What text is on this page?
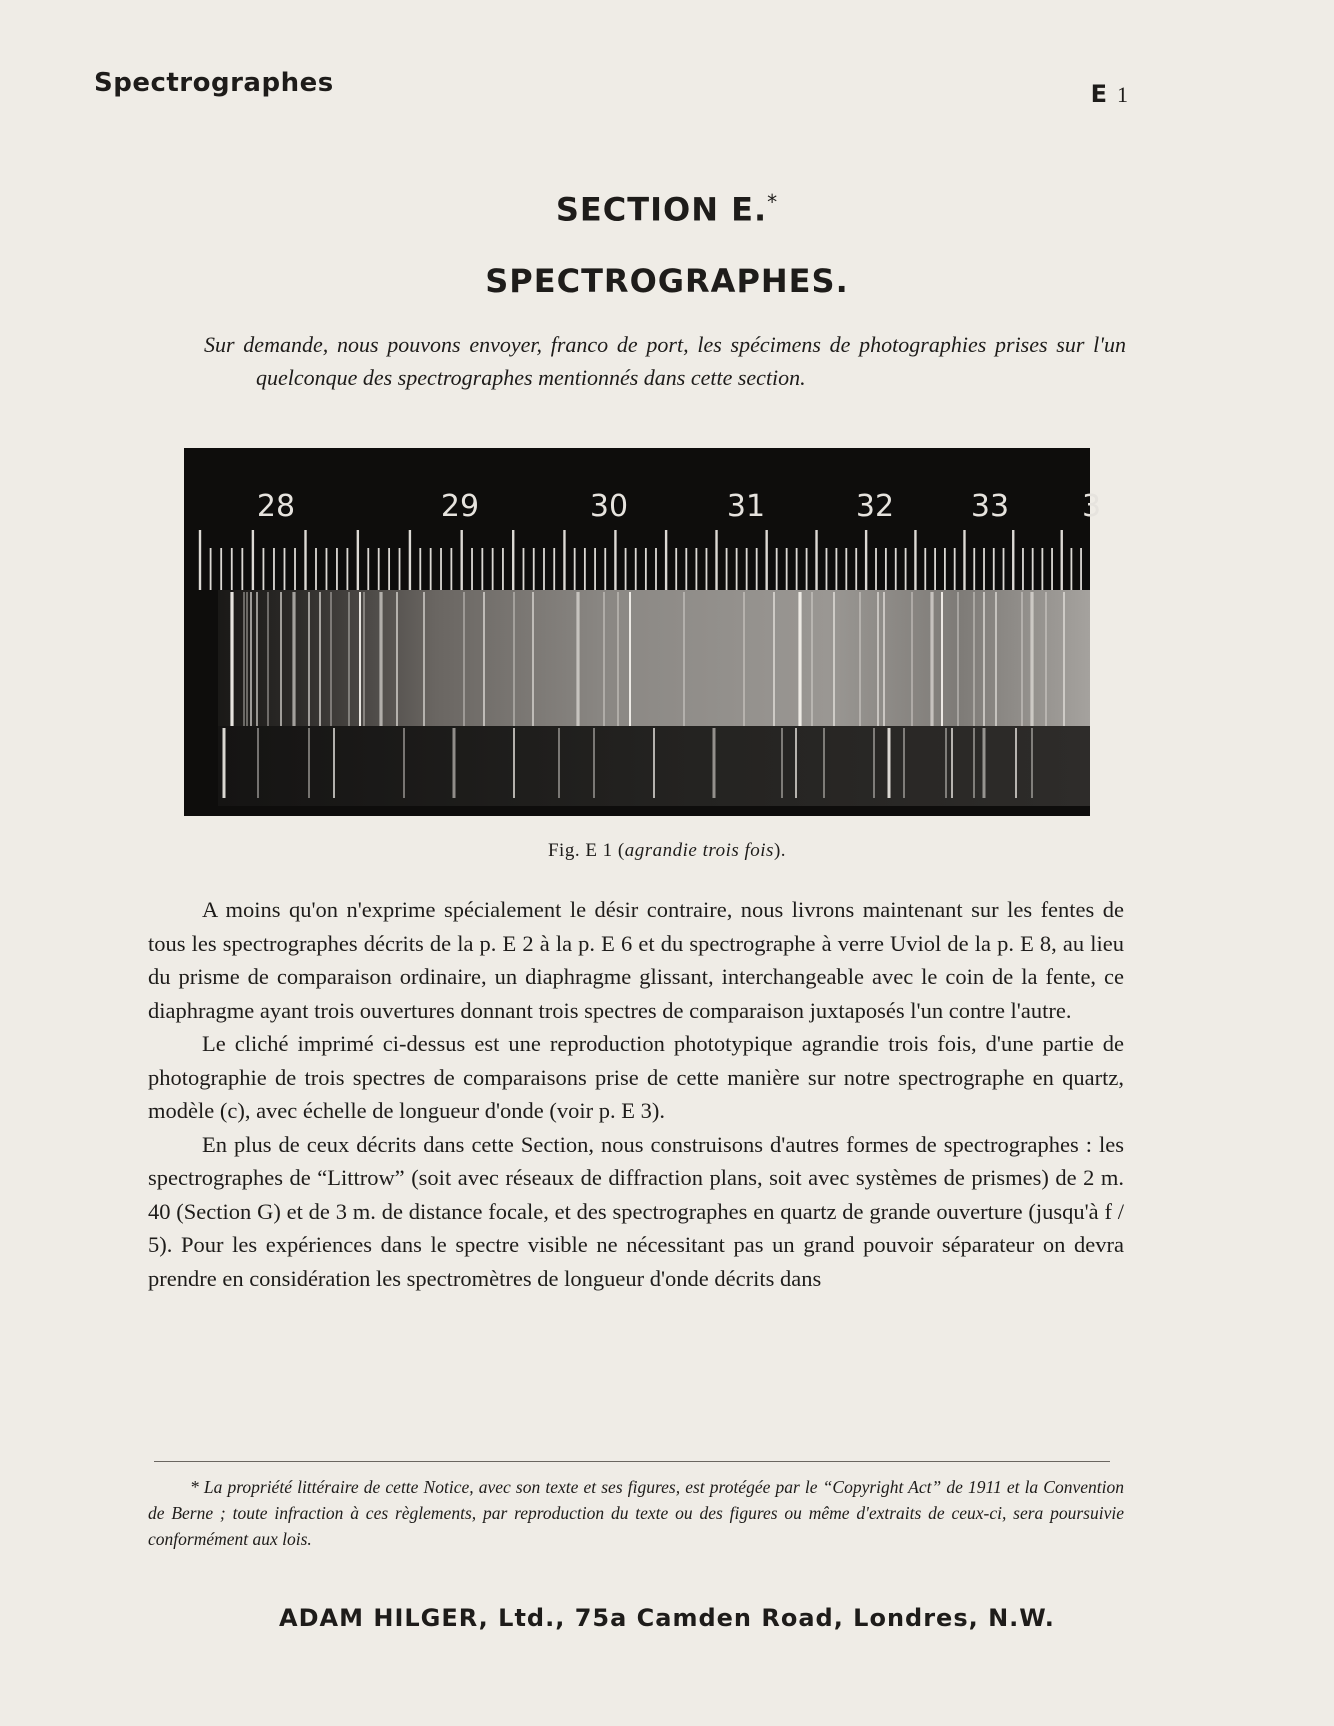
Spectrographes	E 1
SECTION E.*
SPECTROGRAPHES.
Sur demande, nous pouvons envoyer, franco de port, les spécimens de photographies prises sur l'un quelconque des spectrographes mentionnés dans cette section.
28	29	30	31	32	33 3
Fig. E 1 (agrandie trois fois).

A moins qu'on n'exprime spécialement le désir contraire, nous livrons maintenant sur les fentes de tous les spectrographes décrits de la p. E 2 à la p. E 6 et du spectrographe à verre Uviol de la p. E 8, au lieu du prisme de comparaison ordinaire, un diaphragme glissant, interchangeable avec le coin de la fente, ce diaphragme ayant trois ouvertures donnant trois spectres de comparaison juxtaposés l'un contre l'autre.

Le cliché imprimé ci-dessus est une reproduction phototypique agrandie trois fois, d'une partie de photographie de trois spectres de comparaisons prise de cette manière sur notre spectrographe en quartz, modèle (c), avec échelle de longueur d'onde (voir p. E 3).

En plus de ceux décrits dans cette Section, nous construisons d'autres formes de spectrographes : les spectrographes de “Littrow” (soit avec réseaux de diffraction plans, soit avec systèmes de prismes) de 2 m. 40 (Section G) et de 3 m. de distance focale, et des spectrographes en quartz de grande ouverture (jusqu'à f / 5). Pour les expériences dans le spectre visible ne nécessitant pas un grand pouvoir séparateur on devra prendre en considération les spectromètres de longueur d'onde décrits dans

* La propriété littéraire de cette Notice, avec son texte et ses figures, est protégée par le “Copyright Act” de 1911 et la Convention de Berne ; toute infraction à ces règlements, par reproduction du texte ou des figures ou même d'extraits de ceux-ci, sera poursuivie conformément aux lois.
ADAM HILGER, Ltd., 75a Camden Road, Londres, N.W.
